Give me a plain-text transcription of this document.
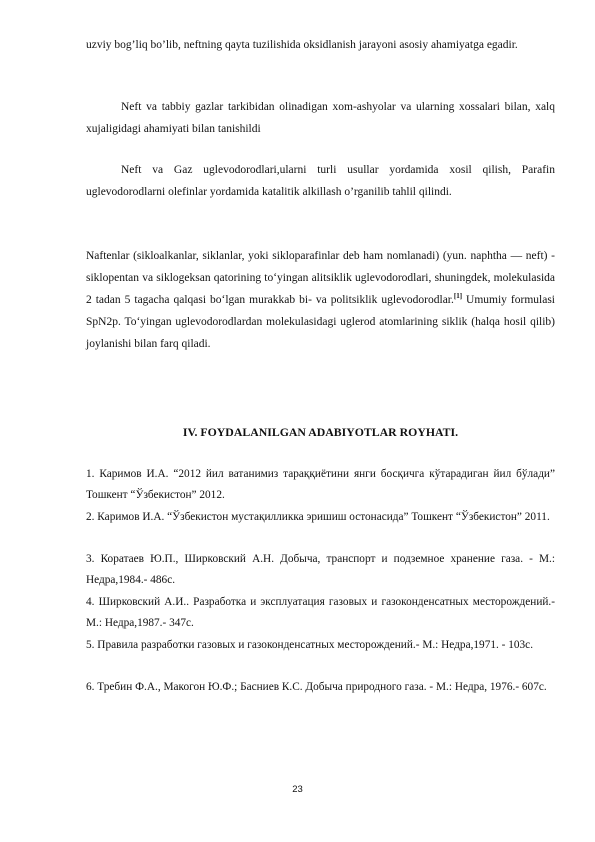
uzviy bog’liq bo’lib, neftning qayta tuzilishida oksidlanish jarayoni asosiy ahamiyatga egadir.

Neft va tabbiy gazlar tarkibidan olinadigan xom-ashyolar va ularning xossalari bilan, xalq xujaligidagi ahamiyati bilan tanishildi

Neft va Gaz uglevodorodlari,ularni turli usullar yordamida xosil qilish, Parafin uglevodorodlarni olefinlar yordamida katalitik alkillash o’rganilib tahlil qilindi.

Naftenlar (sikloalkanlar, siklanlar, yoki sikloparafinlar deb ham nomlanadi) (yun. naphtha — neft) - siklopentan va siklogeksan qatorining to‘yingan alitsiklik uglevodorodlari, shuningdek, molekulasida 2 tadan 5 tagacha qalqasi bo‘lgan murakkab bi- va politsiklik uglevodorodlar.[1] Umumiy formulasi SpN2p. To‘yingan uglevodorodlardan molekulasidagi uglerod atomlarining siklik (halqa hosil qilib) joylanishi bilan farq qiladi.

IV. FOYDALANILGAN ADABIYOTLAR ROYHATI.
1. Каримов И.А. “2012 йил ватанимиз тараққиётини янги босқичга кўтарадиган йил бўлади” Тошкент “Ўзбекистон” 2012.
2. Каримов И.А. “Ўзбекистон мустақилликка эришиш остонасида” Тошкент “Ўзбекистон” 2011.
3. Коратаев Ю.П., Ширковский А.Н. Добыча, транспорт и подземное хранение газа. - М.: Недра,1984.- 486с.
4. Ширковский А.И.. Разработка и эксплуатация газовых и газоконденсатных месторождений.- М.: Недра,1987.- 347с.
5. Правила разработки газовых и газоконденсатных месторождений.- М.: Недра,1971. - 103с.
6. Требин Ф.А., Макогон Ю.Ф.; Басниев К.С. Добыча природного газа. - М.: Недра, 1976.- 607с.
23
